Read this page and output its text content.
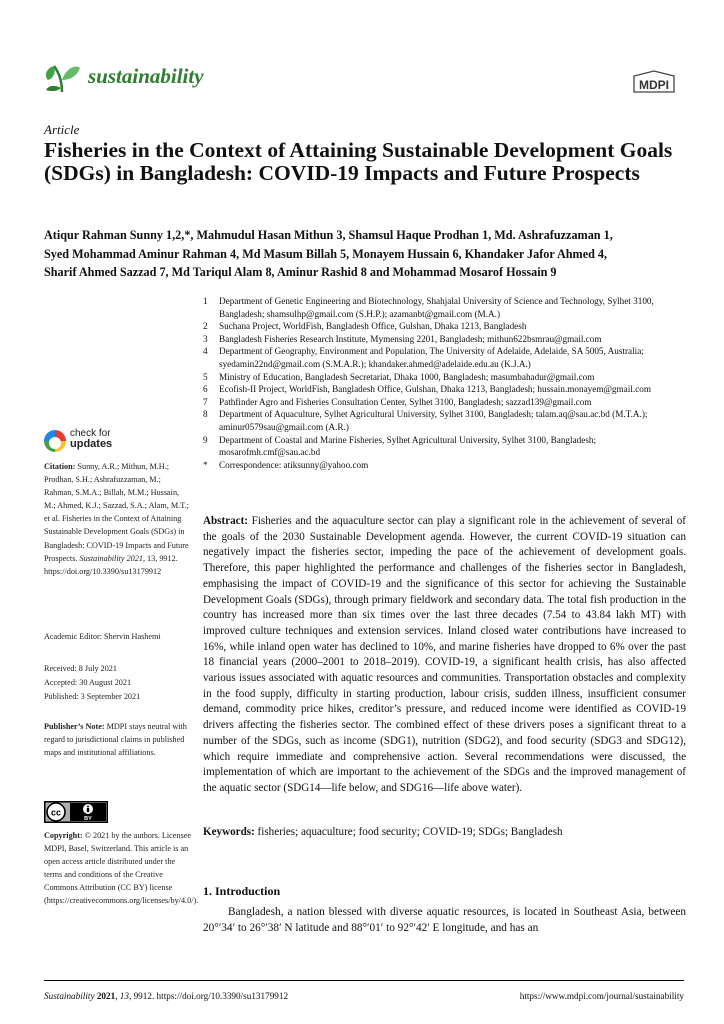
sustainability	MDPI
Article
Fisheries in the Context of Attaining Sustainable Development Goals (SDGs) in Bangladesh: COVID-19 Impacts and Future Prospects
Atiqur Rahman Sunny 1,2,*, Mahmudul Hasan Mithun 3, Shamsul Haque Prodhan 1, Md. Ashrafuzzaman 1,
Syed Mohammad Aminur Rahman 4, Md Masum Billah 5, Monayem Hussain 6, Khandaker Jafor Ahmed 4,
Sharif Ahmed Sazzad 7, Md Tariqul Alam 8, Aminur Rashid 8 and Mohammad Mosarof Hossain 9
1	Department of Genetic Engineering and Biotechnology, Shahjalal University of Science and Technology, Sylhet 3100, Bangladesh; shamsulhp@gmail.com (S.H.P.); azamanbt@gmail.com (M.A.)
2	Suchana Project, WorldFish, Bangladesh Office, Gulshan, Dhaka 1213, Bangladesh
3	Bangladesh Fisheries Research Institute, Mymensing 2201, Bangladesh; mithun622bsmrau@gmail.com
4	Department of Geography, Environment and Population, The University of Adelaide, Adelaide, SA 5005, Australia; syedamin22nd@gmail.com (S.M.A.R.); khandaker.ahmed@adelaide.edu.au (K.J.A.)
5	Ministry of Education, Bangladesh Secretariat, Dhaka 1000, Bangladesh; masumbahadur@gmail.com
6	Ecofish-II Project, WorldFish, Bangladesh Office, Gulshan, Dhaka 1213, Bangladesh; hussain.monayem@gmail.com
7	Pathfinder Agro and Fisheries Consultation Center, Sylhet 3100, Bangladesh; sazzad139@gmail.com
8	Department of Aquaculture, Sylhet Agricultural University, Sylhet 3100, Bangladesh; talam.aq@sau.ac.bd (M.T.A.); aminur0579sau@gmail.com (A.R.)
9	Department of Coastal and Marine Fisheries, Sylhet Agricultural University, Sylhet 3100, Bangladesh; mosarofmh.cmf@sau.ac.bd
*	Correspondence: atiksunny@yahoo.com
check for
updates
Citation: Sunny, A.R.; Mithun, M.H.; Prodhan, S.H.; Ashrafuzzaman, M.; Rahman, S.M.A.; Billah, M.M.; Hussain, M.; Ahmed, K.J.; Sazzad, S.A.; Alam, M.T.; et al. Fisheries in the Context of Attaining Sustainable Development Goals (SDGs) in Bangladesh: COVID-19 Impacts and Future Prospects. Sustainability 2021, 13, 9912. https://doi.org/10.3390/su13179912
Academic Editor: Shervin Hashemi
Received: 8 July 2021
Accepted: 30 August 2021
Published: 3 September 2021
Publisher’s Note: MDPI stays neutral with regard to jurisdictional claims in published maps and institutional affiliations.
cc
BY
Copyright: © 2021 by the authors. Licensee MDPI, Basel, Switzerland. This article is an open access article distributed under the terms and conditions of the Creative Commons Attribution (CC BY) license (https://creativecommons.org/licenses/by/4.0/).
Abstract: Fisheries and the aquaculture sector can play a significant role in the achievement of several of the goals of the 2030 Sustainable Development agenda. However, the current COVID-19 situation can negatively impact the fisheries sector, impeding the pace of the achievement of development goals. Therefore, this paper highlighted the performance and challenges of the fisheries sector in Bangladesh, emphasising the impact of COVID-19 and the significance of this sector for achieving the Sustainable Development Goals (SDGs), through primary fieldwork and secondary data. The total fish production in the country has increased more than six times over the last three decades (7.54 to 43.84 lakh MT) with improved culture techniques and extension services. Inland closed water contributions have increased to 16%, while inland open water has declined to 10%, and marine fisheries have dropped to 6% over the past 18 financial years (2000–2001 to 2018–2019). COVID-19, a significant health crisis, has also affected various issues associated with aquatic resources and communities. Transportation obstacles and complexity in the food supply, difficulty in starting production, labour crisis, sudden illness, insufficient consumer demand, commodity price hikes, creditor’s pressure, and reduced income were identified as COVID-19 drivers affecting the fisheries sector. The combined effect of these drivers poses a significant threat to a number of the SDGs, such as income (SDG1), nutrition (SDG2), and food security (SDG3 and SDG12), which require immediate and comprehensive action. Several recommendations were discussed, the implementation of which are important to the achievement of the SDGs and the improved management of the aquatic sector (SDG14—life below, and SDG16—life above water).
Keywords: fisheries; aquaculture; food security; COVID-19; SDGs; Bangladesh
1. Introduction
Bangladesh, a nation blessed with diverse aquatic resources, is located in Southeast Asia, between 20°′34′ to 26°′38′ N latitude and 88°′01′ to 92°′42′ E longitude, and has an
Sustainability 2021, 13, 9912. https://doi.org/10.3390/su13179912	https://www.mdpi.com/journal/sustainability
